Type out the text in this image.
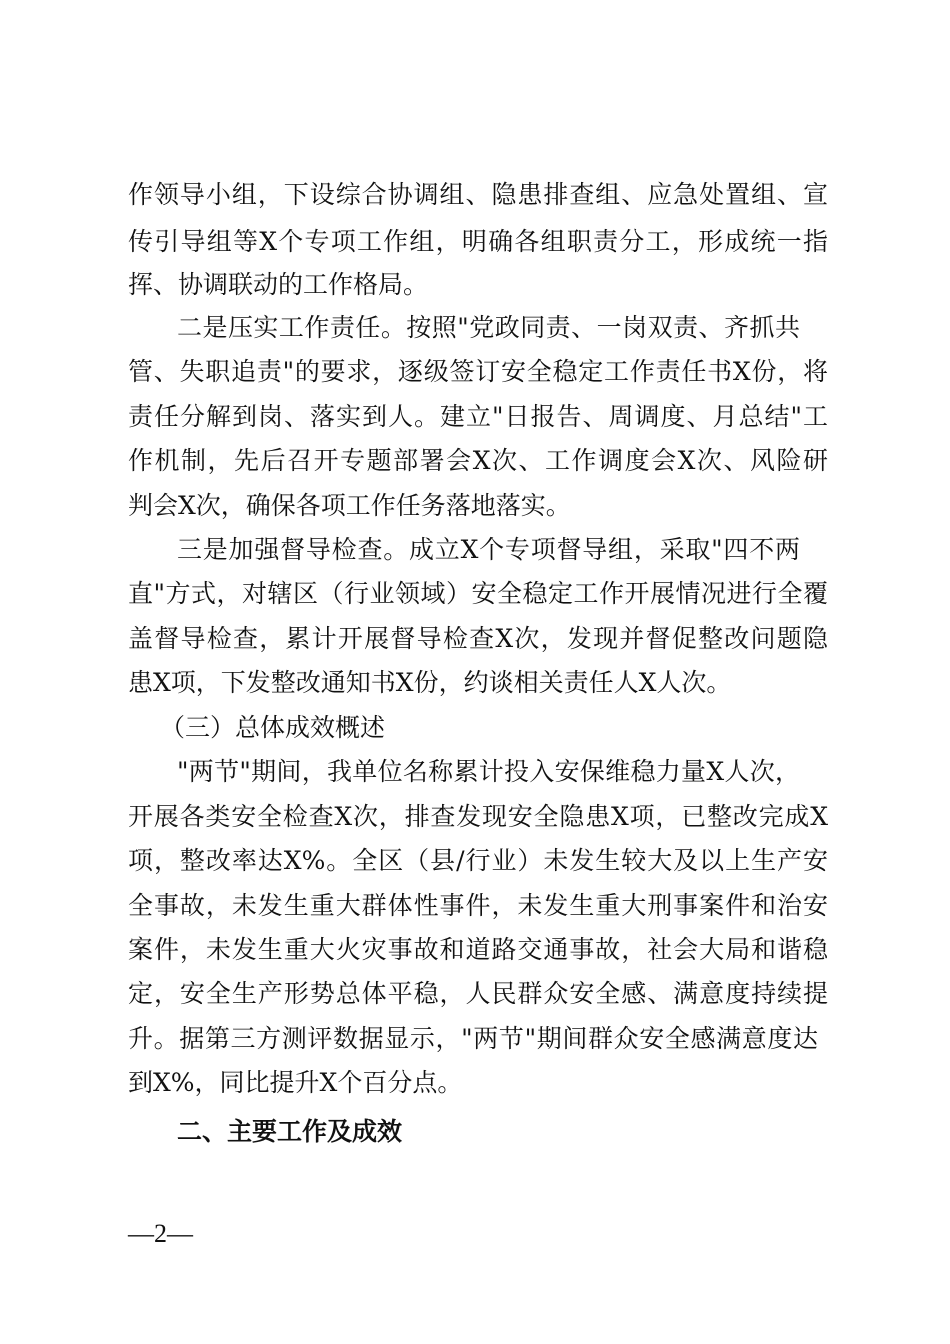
作领导小组，下设综合协调组、隐患排查组、应急处置组、宣
传引导组等X个专项工作组，明确各组职责分工，形成统一指
挥、协调联动的工作格局。
二是压实工作责任。按照"党政同责、一岗双责、齐抓共
管、失职追责"的要求，逐级签订安全稳定工作责任书X份，将
责任分解到岗、落实到人。建立"日报告、周调度、月总结"工
作机制，先后召开专题部署会X次、工作调度会X次、风险研
判会X次，确保各项工作任务落地落实。
三是加强督导检查。成立X个专项督导组，采取"四不两
直"方式，对辖区（行业领域）安全稳定工作开展情况进行全覆
盖督导检查，累计开展督导检查X次，发现并督促整改问题隐
患X项，下发整改通知书X份，约谈相关责任人X人次。
（三）总体成效概述
"两节"期间，我单位名称累计投入安保维稳力量X人次，
开展各类安全检查X次，排查发现安全隐患X项，已整改完成X
项，整改率达X%。全区（县/行业）未发生较大及以上生产安
全事故，未发生重大群体性事件，未发生重大刑事案件和治安
案件，未发生重大火灾事故和道路交通事故，社会大局和谐稳
定，安全生产形势总体平稳，人民群众安全感、满意度持续提
升。据第三方测评数据显示，"两节"期间群众安全感满意度达
到X%，同比提升X个百分点。
二、主要工作及成效
—2—
